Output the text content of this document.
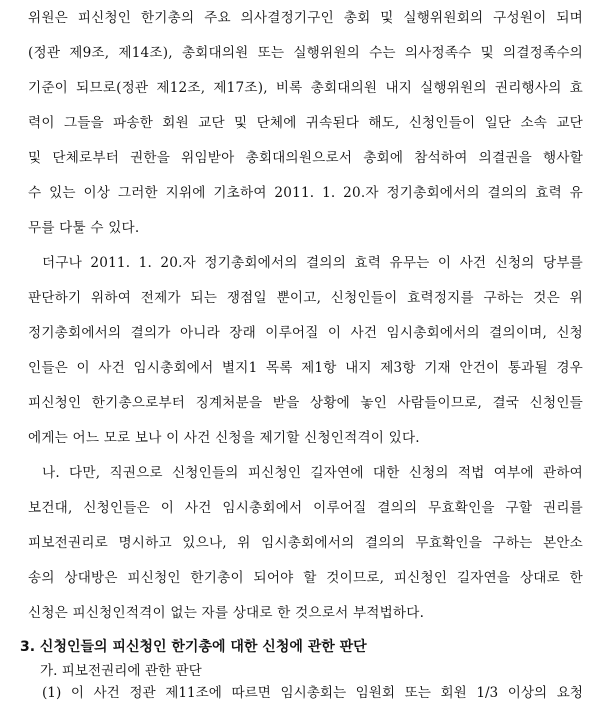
위원은 피신청인 한기총의 주요 의사결정기구인 총회 및 실행위원회의 구성원이 되며
(정관 제9조, 제14조), 총회대의원 또는 실행위원의 수는 의사정족수 및 의결정족수의
기준이 되므로(정관 제12조, 제17조), 비록 총회대의원 내지 실행위원의 권리행사의 효
력이 그들을 파송한 회원 교단 및 단체에 귀속된다 해도, 신청인들이 일단 소속 교단
및 단체로부터 권한을 위임받아 총회대의원으로서 총회에 참석하여 의결권을 행사할
수 있는 이상 그러한 지위에 기초하여 2011. 1. 20.자 정기총회에서의 결의의 효력 유
무를 다툴 수 있다.
더구나 2011. 1. 20.자 정기총회에서의 결의의 효력 유무는 이 사건 신청의 당부를
판단하기 위하여 전제가 되는 쟁점일 뿐이고, 신청인들이 효력정지를 구하는 것은 위
정기총회에서의 결의가 아니라 장래 이루어질 이 사건 임시총회에서의 결의이며, 신청
인들은 이 사건 임시총회에서 별지1 목록 제1항 내지 제3항 기재 안건이 통과될 경우
피신청인 한기총으로부터 징계처분을 받을 상황에 놓인 사람들이므로, 결국 신청인들
에게는 어느 모로 보나 이 사건 신청을 제기할 신청인적격이 있다.
나. 다만, 직권으로 신청인들의 피신청인 길자연에 대한 신청의 적법 여부에 관하여
보건대, 신청인들은 이 사건 임시총회에서 이루어질 결의의 무효확인을 구할 권리를
피보전권리로 명시하고 있으나, 위 임시총회에서의 결의의 무효확인을 구하는 본안소
송의 상대방은 피신청인 한기총이 되어야 할 것이므로, 피신청인 길자연을 상대로 한
신청은 피신청인적격이 없는 자를 상대로 한 것으로서 부적법하다.
3. 신청인들의 피신청인 한기총에 대한 신청에 관한 판단
가. 피보전권리에 관한 판단
(1) 이 사건 정관 제11조에 따르면 임시총회는 임원회 또는 회원 1/3 이상의 요청
